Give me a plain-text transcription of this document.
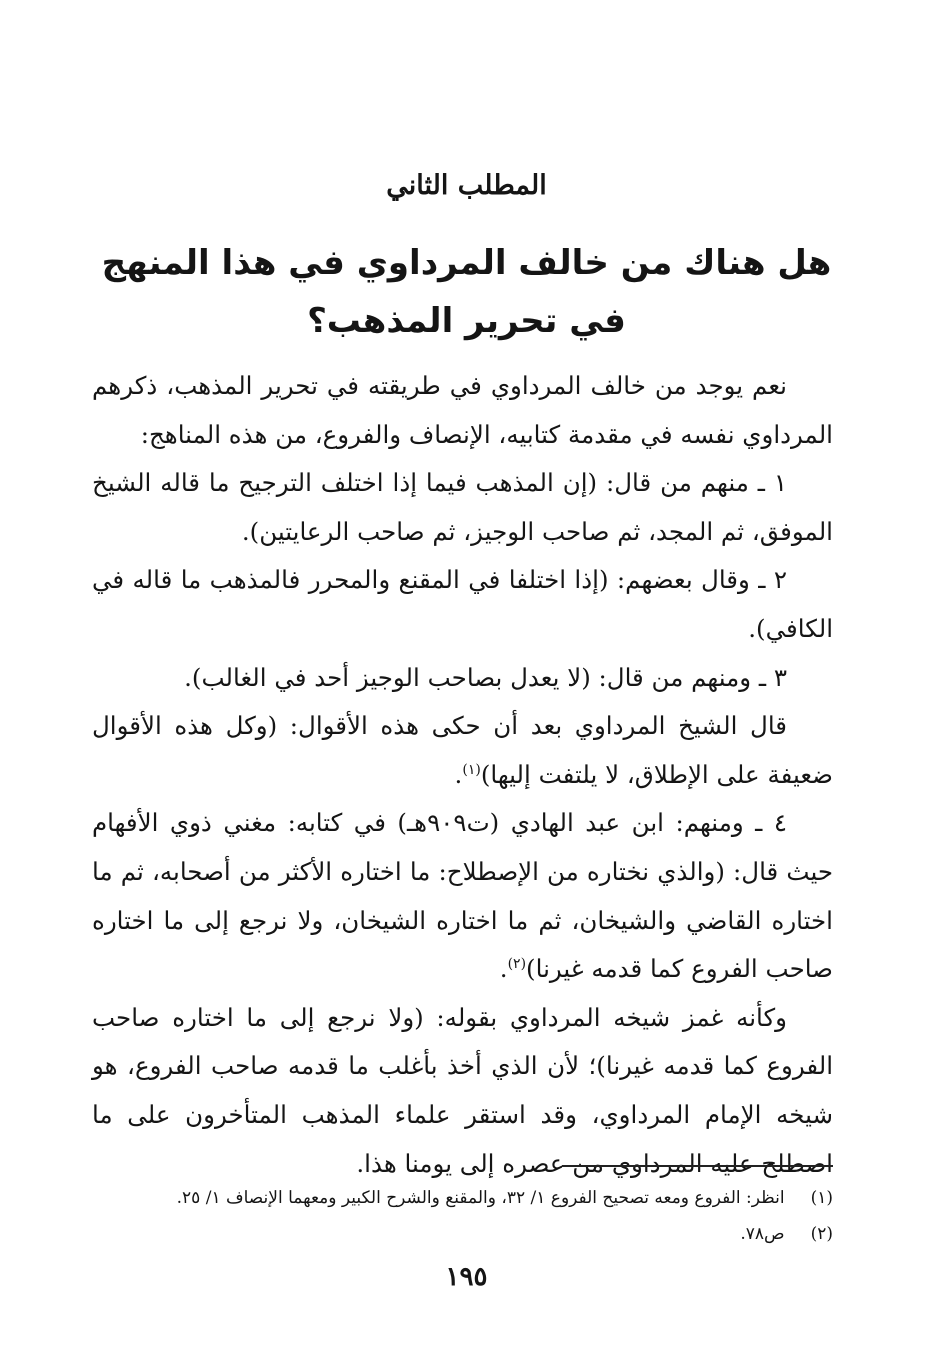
المطلب الثاني
هل هناك من خالف المرداوي في هذا المنهج
في تحرير المذهب؟

نعم يوجد من خالف المرداوي في طريقته في تحرير المذهب، ذكرهم المرداوي نفسه في مقدمة كتابيه، الإنصاف والفروع، من هذه المناهج:

١ ـ منهم من قال: (إن المذهب فيما إذا اختلف الترجيح ما قاله الشيخ الموفق، ثم المجد، ثم صاحب الوجيز، ثم صاحب الرعايتين).

٢ ـ وقال بعضهم: (إذا اختلفا في المقنع والمحرر فالمذهب ما قاله في الكافي).

٣ ـ ومنهم من قال: (لا يعدل بصاحب الوجيز أحد في الغالب).

قال الشيخ المرداوي بعد أن حكى هذه الأقوال: (وكل هذه الأقوال ضعيفة على الإطلاق، لا يلتفت إليها)$^{(١)}$.

٤ ـ ومنهم: ابن عبد الهادي (ت٩٠٩هـ) في كتابه: مغني ذوي الأفهام حيث قال: (والذي نختاره من الإصطلاح: ما اختاره الأكثر من أصحابه، ثم ما اختاره القاضي والشيخان، ثم ما اختاره الشيخان، ولا نرجع إلى ما اختاره صاحب الفروع كما قدمه غيرنا)$^{(٢)}$.

وكأنه غمز شيخه المرداوي بقوله: (ولا نرجع إلى ما اختاره صاحب الفروع كما قدمه غيرنا)؛ لأن الذي أخذ بأغلب ما قدمه صاحب الفروع، هو شيخه الإمام المرداوي، وقد استقر علماء المذهب المتأخرون على ما اصطلح عليه المرداوي من عصره إلى يومنا هذا.

(١)
انظر: الفروع ومعه تصحيح الفروع ١/ ٣٢، والمقنع والشرح الكبير ومعهما الإنصاف ١/ ٢٥.
(٢)
ص٧٨.
١٩٥
